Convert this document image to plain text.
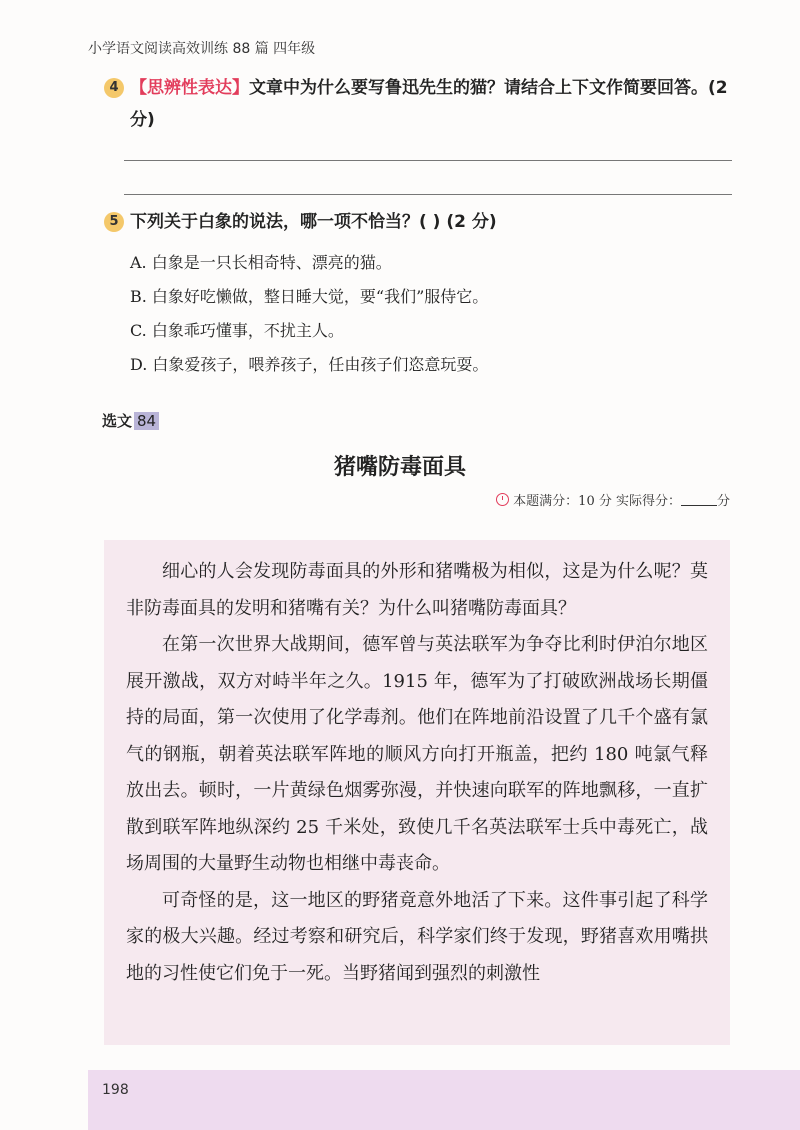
小学语文阅读高效训练 88 篇 四年级
4 【思辨性表达】文章中为什么要写鲁迅先生的猫？请结合上下文作简要回答。(2 分)
5 下列关于白象的说法，哪一项不恰当？( ) (2 分)
A. 白象是一只长相奇特、漂亮的猫。
B. 白象好吃懒做，整日睡大觉，要“我们”服侍它。
C. 白象乖巧懂事，不扰主人。
D. 白象爱孩子，喂养孩子，任由孩子们恣意玩耍。
选文 84
猪嘴防毒面具
本题满分：10 分 实际得分：	分

细心的人会发现防毒面具的外形和猪嘴极为相似，这是为什么呢？莫非防毒面具的发明和猪嘴有关？为什么叫猪嘴防毒面具？

在第一次世界大战期间，德军曾与英法联军为争夺比利时伊泊尔地区展开激战，双方对峙半年之久。1915 年，德军为了打破欧洲战场长期僵持的局面，第一次使用了化学毒剂。他们在阵地前沿设置了几千个盛有氯气的钢瓶，朝着英法联军阵地的顺风方向打开瓶盖，把约 180 吨氯气释放出去。顿时，一片黄绿色烟雾弥漫，并快速向联军的阵地飘移，一直扩散到联军阵地纵深约 25 千米处，致使几千名英法联军士兵中毒死亡，战场周围的大量野生动物也相继中毒丧命。

可奇怪的是，这一地区的野猪竟意外地活了下来。这件事引起了科学家的极大兴趣。经过考察和研究后，科学家们终于发现，野猪喜欢用嘴拱地的习性使它们免于一死。当野猪闻到强烈的刺激性

198
